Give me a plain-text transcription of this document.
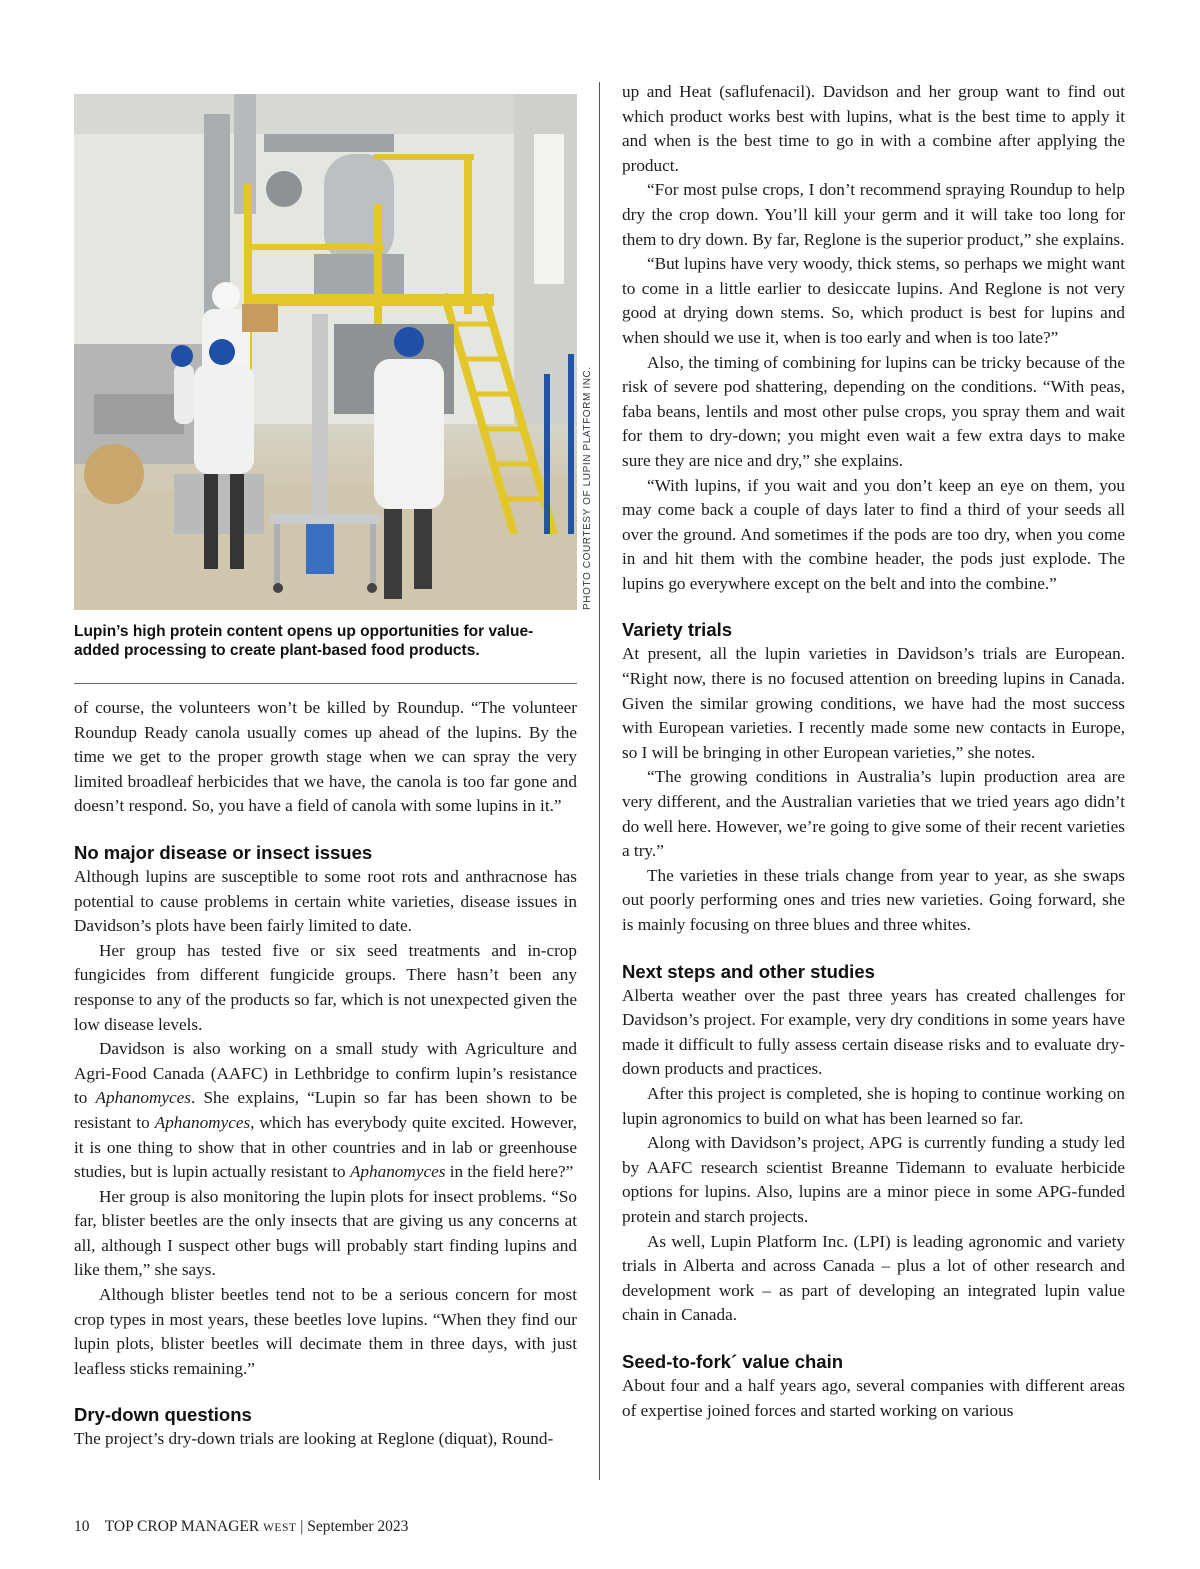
PHOTO COURTESY OF LUPIN PLATFORM INC.
Lupin’s high protein content opens up opportunities for value-added processing to create plant-based food products.

of course, the volunteers won’t be killed by Roundup. “The volunteer Roundup Ready canola usually comes up ahead of the lupins. By the time we get to the proper growth stage when we can spray the very limited broadleaf herbicides that we have, the canola is too far gone and doesn’t respond. So, you have a field of canola with some lupins in it.”

No major disease or insect issues

Although lupins are susceptible to some root rots and anthracnose has potential to cause problems in certain white varieties, disease issues in Davidson’s plots have been fairly limited to date.

Her group has tested five or six seed treatments and in-crop fungicides from different fungicide groups. There hasn’t been any response to any of the products so far, which is not unexpected given the low disease levels.

Davidson is also working on a small study with Agriculture and Agri-Food Canada (AAFC) in Lethbridge to confirm lupin’s resistance to Aphanomyces. She explains, “Lupin so far has been shown to be resistant to Aphanomyces, which has everybody quite excited. However, it is one thing to show that in other countries and in lab or greenhouse studies, but is lupin actually resistant to Aphanomyces in the field here?”

Her group is also monitoring the lupin plots for insect problems. “So far, blister beetles are the only insects that are giving us any concerns at all, although I suspect other bugs will probably start finding lupins and like them,” she says.

Although blister beetles tend not to be a serious concern for most crop types in most years, these beetles love lupins. “When they find our lupin plots, blister beetles will decimate them in three days, with just leafless sticks remaining.”

Dry-down questions

The project’s dry-down trials are looking at Reglone (diquat), Round-

up and Heat (saflufenacil). Davidson and her group want to find out which product works best with lupins, what is the best time to apply it and when is the best time to go in with a combine after applying the product.

“For most pulse crops, I don’t recommend spraying Roundup to help dry the crop down. You’ll kill your germ and it will take too long for them to dry down. By far, Reglone is the superior product,” she explains.

“But lupins have very woody, thick stems, so perhaps we might want to come in a little earlier to desiccate lupins. And Reglone is not very good at drying down stems. So, which product is best for lupins and when should we use it, when is too early and when is too late?”

Also, the timing of combining for lupins can be tricky because of the risk of severe pod shattering, depending on the conditions. “With peas, faba beans, lentils and most other pulse crops, you spray them and wait for them to dry-down; you might even wait a few extra days to make sure they are nice and dry,” she explains.

“With lupins, if you wait and you don’t keep an eye on them, you may come back a couple of days later to find a third of your seeds all over the ground. And sometimes if the pods are too dry, when you come in and hit them with the combine header, the pods just explode. The lupins go everywhere except on the belt and into the combine.”

Variety trials

At present, all the lupin varieties in Davidson’s trials are European. “Right now, there is no focused attention on breeding lupins in Canada. Given the similar growing conditions, we have had the most success with European varieties. I recently made some new contacts in Europe, so I will be bringing in other European varieties,” she notes.

“The growing conditions in Australia’s lupin production area are very different, and the Australian varieties that we tried years ago didn’t do well here. However, we’re going to give some of their recent varieties a try.”

The varieties in these trials change from year to year, as she swaps out poorly performing ones and tries new varieties. Going forward, she is mainly focusing on three blues and three whites.

Next steps and other studies

Alberta weather over the past three years has created challenges for Davidson’s project. For example, very dry conditions in some years have made it difficult to fully assess certain disease risks and to evaluate dry-down products and practices.

After this project is completed, she is hoping to continue working on lupin agronomics to build on what has been learned so far.

Along with Davidson’s project, APG is currently funding a study led by AAFC research scientist Breanne Tidemann to evaluate herbicide options for lupins. Also, lupins are a minor piece in some APG-funded protein and starch projects.

As well, Lupin Platform Inc. (LPI) is leading agronomic and variety trials in Alberta and across Canada – plus a lot of other research and development work – as part of developing an integrated lupin value chain in Canada.

Seed-to-fork´ value chain

About four and a half years ago, several companies with different areas of expertise joined forces and started working on various

10 TOP CROP MANAGER WEST | September 2023
